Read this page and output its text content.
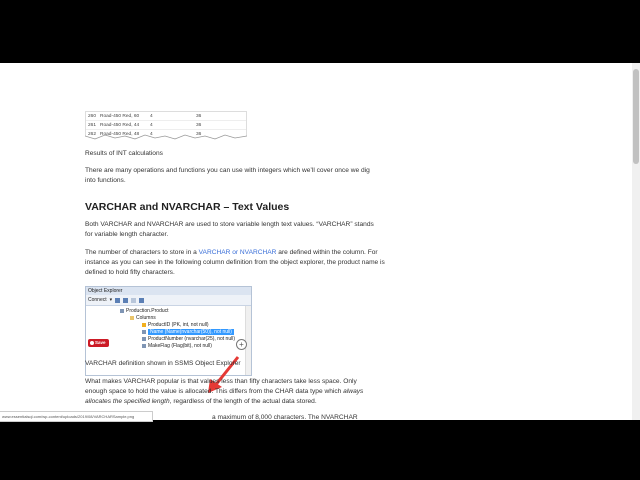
260 Road-450 Red, 60	4	36
261 Road-450 Red, 44	4	36
262 Road-450 Red, 48	4	36
Results of INT calculations
There are many operations and functions you can use with integers which we’ll cover once we dig into functions.
VARCHAR and NVARCHAR – Text Values
Both VARCHAR and NVARCHAR are used to store variable length text values. “VARCHAR” stands for variable length character.
The number of characters to store in a VARCHAR or NVARCHAR are defined within the column. For instance as you can see in the following column definition from the object explorer, the product name is defined to hold fifty characters.
Object Explorer
Connect ▾
Production.Product
Columns
ProductID (PK, int, not null)
Name (Name(nvarchar(50)), not null)
ProductNumber (nvarchar(25), not null)
MakeFlag (Flag(bit), not null)
Save	+
VARCHAR definition shown in SSMS Object Explorer
What makes VARCHAR popular is that values less than fifty characters take less space. Only enough space to hold the value is allocated. This differs from the CHAR data type which always allocates the specified length, regardless of the length of the actual data stored.
a maximum of 8,000 characters. The NVARCHAR
www.essentialsql.com/wp-content/uploads/2019/08/VARCHARSample.png
